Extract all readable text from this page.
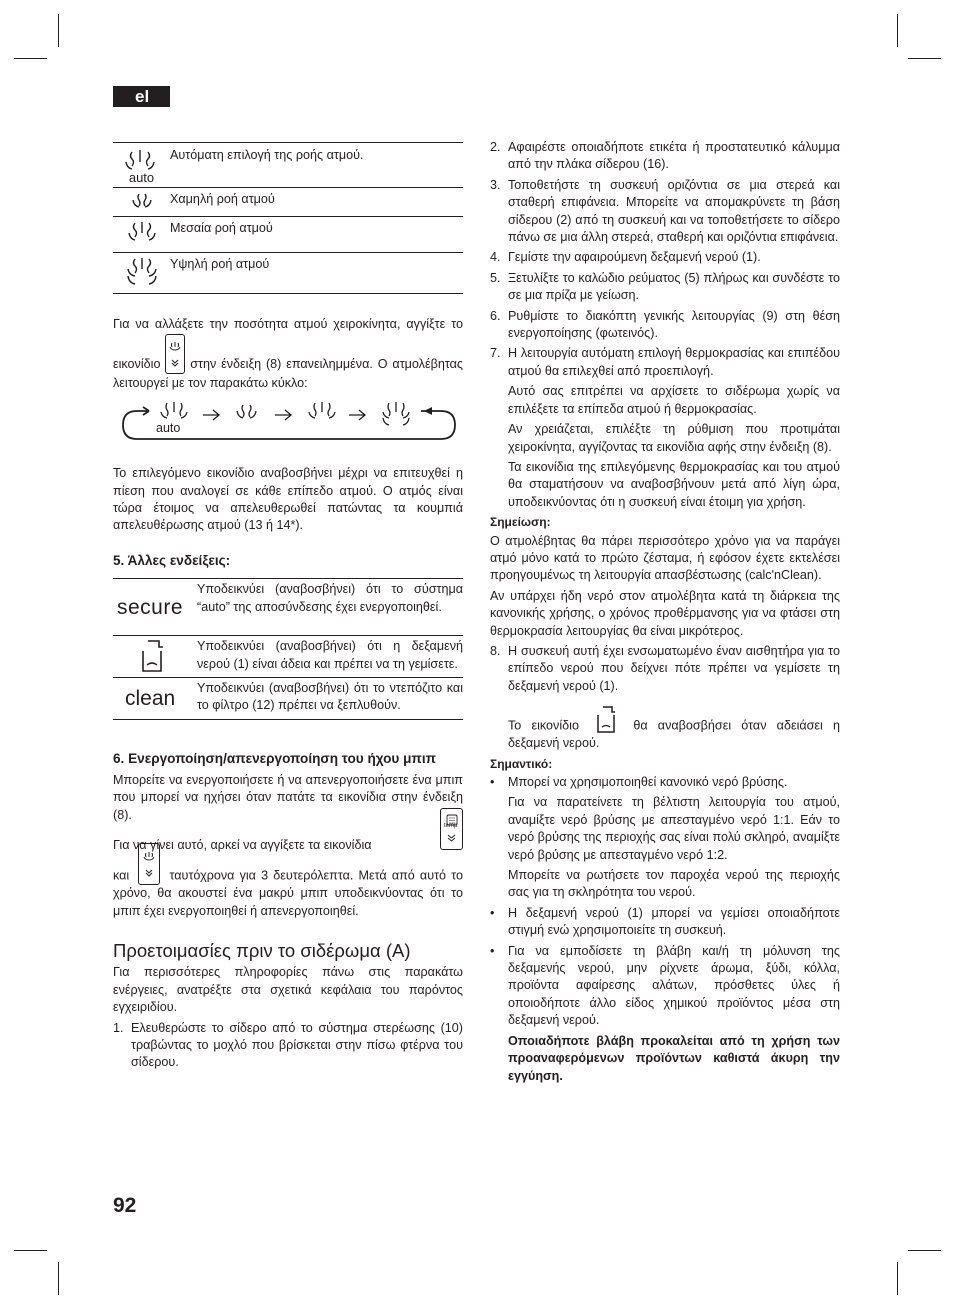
el
auto	Αυτόματη επιλογή της ροής ατμού.
	Χαμηλή ροή ατμού
	Μεσαία ροή ατμού
	Υψηλή ροή ατμού

Για να αλλάξετε την ποσότητα ατμού χειροκίνητα, αγγίξτε το εικονίδιο στην ένδειξη (8) επανειλημμένα. Ο ατμολέβητας λειτουργεί με τον παρακάτω κύκλο:

auto

Το επιλεγόμενο εικονίδιο αναβοσβήνει μέχρι να επιτευχθεί η πίεση που αναλογεί σε κάθε επίπεδο ατμού. Ο ατμός είναι τώρα έτοιμος να απελευθερωθεί πατώντας τα κουμπιά απελευθέρωσης ατμού (13 ή 14*).

5. Άλλες ενδείξεις:
secure	Υποδεικνύει (αναβοσβήνει) ότι το σύστημα “auto” της αποσύνδεσης έχει ενεργοποιηθεί.

Υποδεικνύει (αναβοσβήνει) ότι η δεξαμενή νερού (1) είναι άδεια και πρέπει να τη γεμίσετε.

clean	Υποδεικνύει (αναβοσβήνει) ότι το ντεπόζιτο και το φίλτρο (12) πρέπει να ξεπλυθούν.

6. Ενεργοποίηση/απενεργοποίηση του ήχου μπιπ

Μπορείτε να ενεργοποιήσετε ή να απενεργοποιήσετε ένα μπιπ που μπορεί να ηχήσει όταν πατάτε τα εικονίδια στην ένδειξη (8).

Για να γίνει αυτό, αρκεί να αγγίξετε τα εικονίδια
temp

και	ταυτόχρονα για 3 δευτερόλεπτα. Μετά από αυτό το χρόνο, θα ακουστεί ένα μακρύ μπιπ υποδεικνύοντας ότι το μπιπ έχει ενεργοποιηθεί ή απενεργοποιηθεί.

Προετοιμασίες πριν το σιδέρωμα (A)

Για περισσότερες πληροφορίες πάνω στις παρακάτω ενέργειες, ανατρέξτε στα σχετικά κεφάλαια του παρόντος εγχειριδίου.

1. Ελευθερώστε το σίδερο από το σύστημα στερέωσης (10) τραβώντας το μοχλό που βρίσκεται στην πίσω φτέρνα του σίδερου.
2. Αφαιρέστε οποιαδήποτε ετικέτα ή προστατευτικό κάλυμμα από την πλάκα σίδερου (16).
3. Τοποθετήστε τη συσκευή οριζόντια σε μια στερεά και σταθερή επιφάνεια. Μπορείτε να απομακρύνετε τη βάση σίδερου (2) από τη συσκευή και να τοποθετήσετε το σίδερο πάνω σε μια άλλη στερεά, σταθερή και οριζόντια επιφάνεια.
4. Γεμίστε την αφαιρούμενη δεξαμενή νερού (1).
5. Ξετυλίξτε το καλώδιο ρεύματος (5) πλήρως και συνδέστε το σε μια πρίζα με γείωση.
6. Ρυθμίστε το διακόπτη γενικής λειτουργίας (9) στη θέση ενεργοποίησης (φωτεινός).
7. Η λειτουργία αυτόματη επιλογή θερμοκρασίας και επιπέδου ατμού θα επιλεχθεί από προεπιλογή.

Αυτό σας επιτρέπει να αρχίσετε το σιδέρωμα χωρίς να επιλέξετε τα επίπεδα ατμού ή θερμοκρασίας.

Αν χρειάζεται, επιλέξτε τη ρύθμιση που προτιμάται χειροκίνητα, αγγίζοντας τα εικονίδια αφής στην ένδειξη (8).

Τα εικονίδια της επιλεγόμενης θερμοκρασίας και του ατμού θα σταματήσουν να αναβοσβήνουν μετά από λίγη ώρα, υποδεικνύοντας ότι η συσκευή είναι έτοιμη για χρήση.

Σημείωση:

Ο ατμολέβητας θα πάρει περισσότερο χρόνο για να παράγει ατμό μόνο κατά το πρώτο ζέσταμα, ή εφόσον έχετε εκτελέσει προηγουμένως τη λειτουργία απασβέστωσης (calc'nClean).

Αν υπάρχει ήδη νερό στον ατμολέβητα κατά τη διάρκεια της κανονικής χρήσης, ο χρόνος προθέρμανσης για να φτάσει στη θερμοκρασία λειτουργίας θα είναι μικρότερος.

8. Η συσκευή αυτή έχει ενσωματωμένο έναν αισθητήρα για το επίπεδο νερού που δείχνει πότε πρέπει να γεμίσετε τη δεξαμενή νερού (1).

Το εικονίδιο	θα αναβοσβήσει όταν αδειάσει η δεξαμενή νερού.

Σημαντικό:
•	Μπορεί να χρησιμοποιηθεί κανονικό νερό βρύσης.

Για να παρατείνετε τη βέλτιστη λειτουργία του ατμού, αναμίξτε νερό βρύσης με απεσταγμένο νερό 1:1. Εάν το νερό βρύσης της περιοχής σας είναι πολύ σκληρό, αναμίξτε νερό βρύσης με απεσταγμένο νερό 1:2.

Μπορείτε να ρωτήσετε τον παροχέα νερού της περιοχής σας για τη σκληρότητα του νερού.

•	Η δεξαμενή νερού (1) μπορεί να γεμίσει οποιαδήποτε στιγμή ενώ χρησιμοποιείτε τη συσκευή.
•	Για να εμποδίσετε τη βλάβη και/ή τη μόλυνση της δεξαμενής νερού, μην ρίχνετε άρωμα, ξύδι, κόλλα, προϊόντα αφαίρεσης αλάτων, πρόσθετες ύλες ή οποιοδήποτε άλλο είδος χημικού προϊόντος μέσα στη δεξαμενή νερού.

Οποιαδήποτε βλάβη προκαλείται από τη χρήση των προαναφερόμενων προϊόντων καθιστά άκυρη την εγγύηση.

92
